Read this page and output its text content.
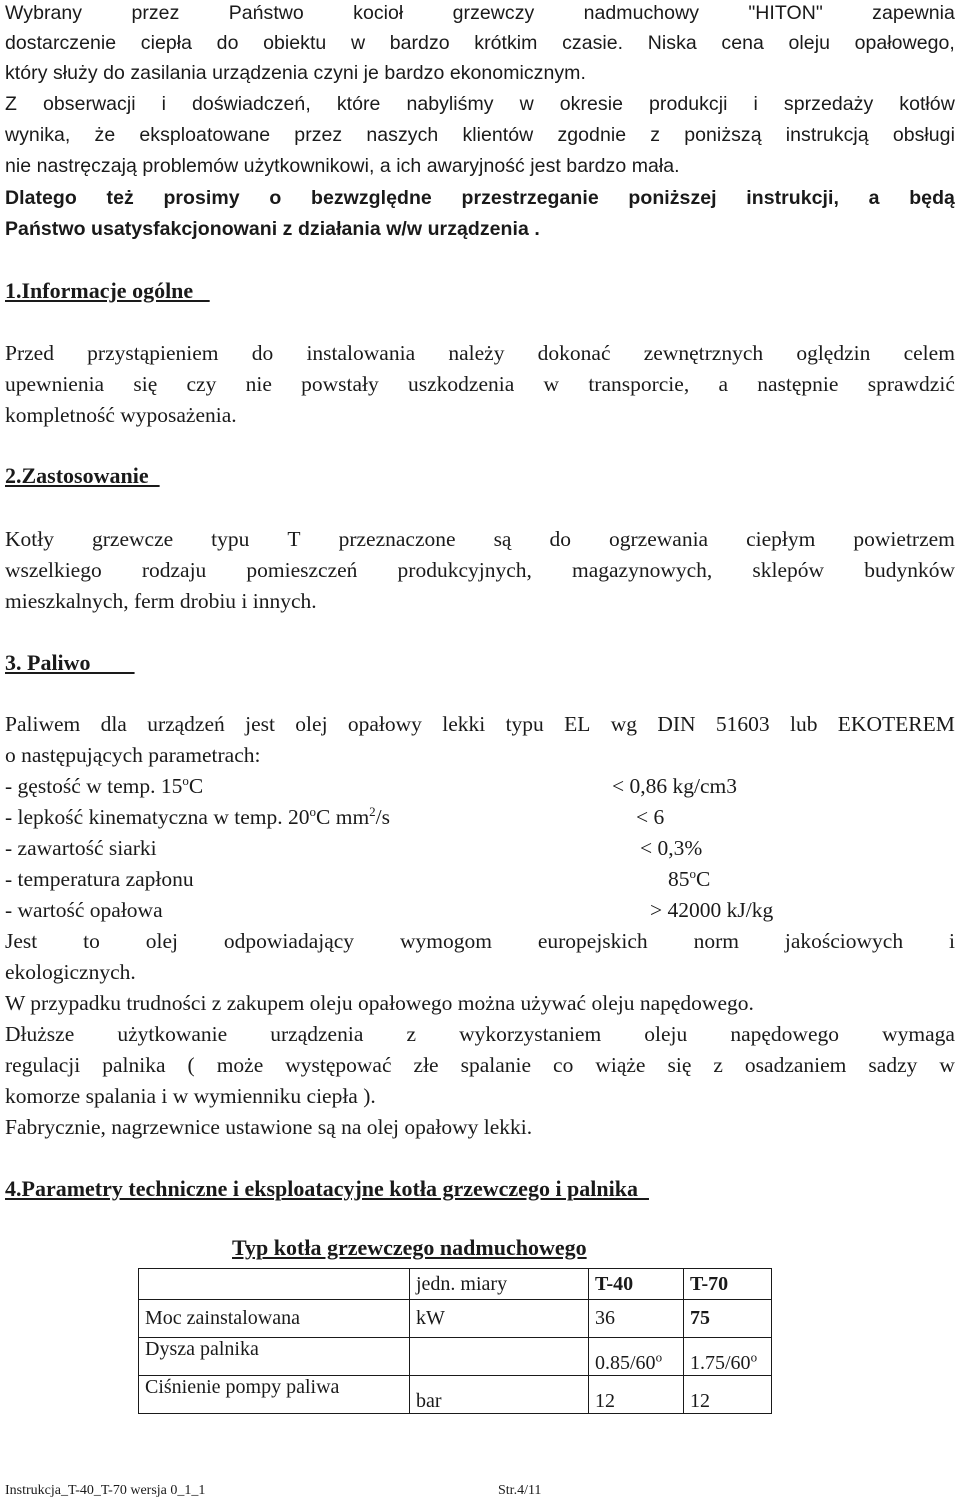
Wybrany	przez	Państwo	kocioł	grzewczy	nadmuchowy	"HITON"	zapewnia
dostarczenie ciepła do obiektu w bardzo krótkim czasie. Niska cena oleju opałowego,
który służy do zasilania urządzenia czyni je bardzo ekonomicznym.
Z obserwacji i doświadczeń, które nabyliśmy w okresie produkcji i sprzedaży kotłów
wynika, że eksploatowane przez naszych klientów zgodnie z poniższą instrukcją obsługi
nie nastręczają problemów użytkownikowi, a ich awaryjność jest bardzo mała.
Dlatego też prosimy o bezwzględne przestrzeganie poniższej instrukcji, a będą
Państwo usatysfakcjonowani z działania w/w urządzenia .
1.Informacje ogólne
Przed przystąpieniem do instalowania należy dokonać zewnętrznych oględzin celem
upewnienia się czy nie powstały uszkodzenia w transporcie, a następnie sprawdzić
kompletność wyposażenia.
2.Zastosowanie
Kotły grzewcze typu T przeznaczone są do ogrzewania ciepłym powietrzem
wszelkiego rodzaju pomieszczeń produkcyjnych, magazynowych, sklepów budynków
mieszkalnych, ferm drobiu i innych.
3. Paliwo
Paliwem dla urządzeń jest olej opałowy lekki typu EL wg DIN 51603 lub EKOTEREM
o następujących parametrach:
- gęstość w temp. $15^oC$	< 0,86 kg/cm3
- lepkość kinematyczna w temp. 20$^o$C $mm^2/s$	< 6
- zawartość siarki	< 0,3%
- temperatura zapłonu	85$^o$C
- wartość opałowa	> 42000 kJ/kg
Jest to olej odpowiadający wymogom europejskich norm jakościowych i
ekologicznych.
W przypadku trudności z zakupem oleju opałowego można używać oleju napędowego.
Dłuższe użytkowanie urządzenia z wykorzystaniem oleju napędowego wymaga
regulacji palnika ( może występować złe spalanie co wiąże się z osadzaniem sadzy w
komorze spalania i w wymienniku ciepła ).
Fabrycznie, nagrzewnice ustawione są na olej opałowy lekki.
4.Parametry techniczne i eksploatacyjne kotła grzewczego i palnika
Typ kotła grzewczego nadmuchowego
	jedn. miary	T-40	T-70
Moc zainstalowana	kW	36	75
Dysza palnika		0.85/60$^o$	1.75/60$^o$
Ciśnienie pompy paliwa	bar	12	12
Instrukcja_T-40_T-70 wersja 0_1_1	Str.4/11
